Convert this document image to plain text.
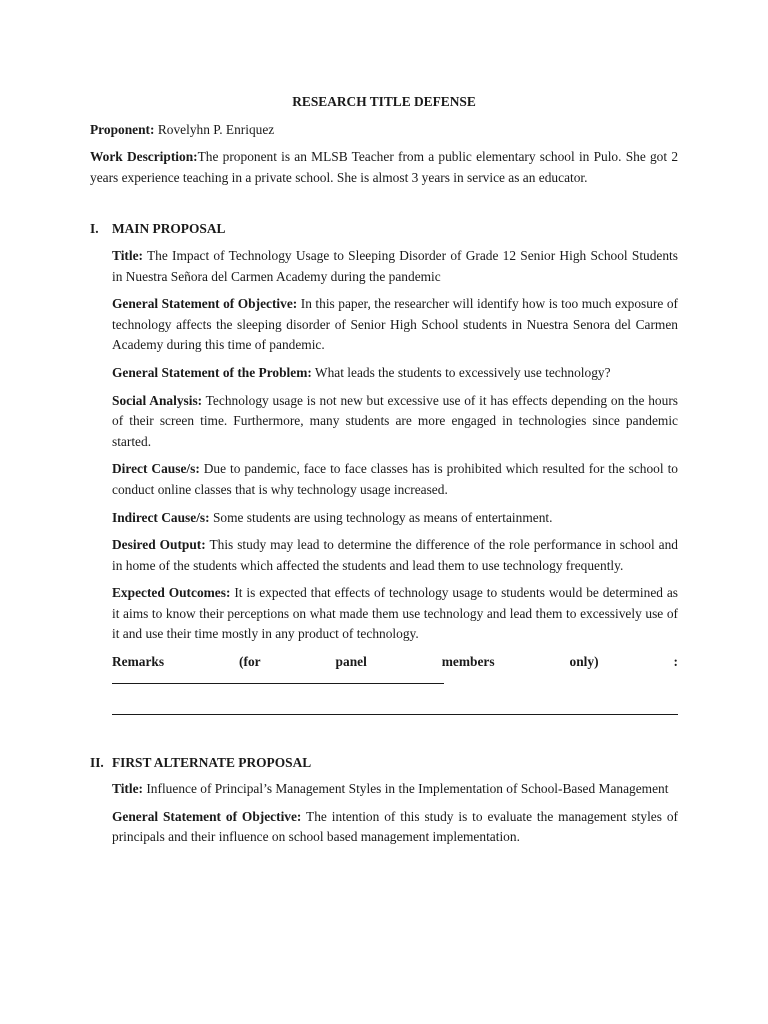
RESEARCH TITLE DEFENSE

Proponent: Rovelyhn P. Enriquez

Work Description:The proponent is an MLSB Teacher from a public elementary school in Pulo. She got 2 years experience teaching in a private school. She is almost 3 years in service as an educator.

I.	MAIN PROPOSAL

Title: The Impact of Technology Usage to Sleeping Disorder of Grade 12 Senior High School Students in Nuestra Señora del Carmen Academy during the pandemic

General Statement of Objective: In this paper, the researcher will identify how is too much exposure of technology affects the sleeping disorder of Senior High School students in Nuestra Senora del Carmen Academy during this time of pandemic.

General Statement of the Problem: What leads the students to excessively use technology?

Social Analysis: Technology usage is not new but excessive use of it has effects depending on the hours of their screen time. Furthermore, many students are more engaged in technologies since pandemic started.

Direct Cause/s: Due to pandemic, face to face classes has is prohibited which resulted for the school to conduct online classes that is why technology usage increased.

Indirect Cause/s: Some students are using technology as means of entertainment.

Desired Output: This study may lead to determine the difference of the role performance in school and in home of the students which affected the students and lead them to use technology frequently.

Expected Outcomes: It is expected that effects of technology usage to students would be determined as it aims to know their perceptions on what made them use technology and lead them to excessively use of it and use their time mostly in any product of technology.

Remarks	(for	panel	members	only)	:
II. FIRST ALTERNATE PROPOSAL

Title: Influence of Principal’s Management Styles in the Implementation of School-Based Management

General Statement of Objective: The intention of this study is to evaluate the management styles of principals and their influence on school based management implementation.
